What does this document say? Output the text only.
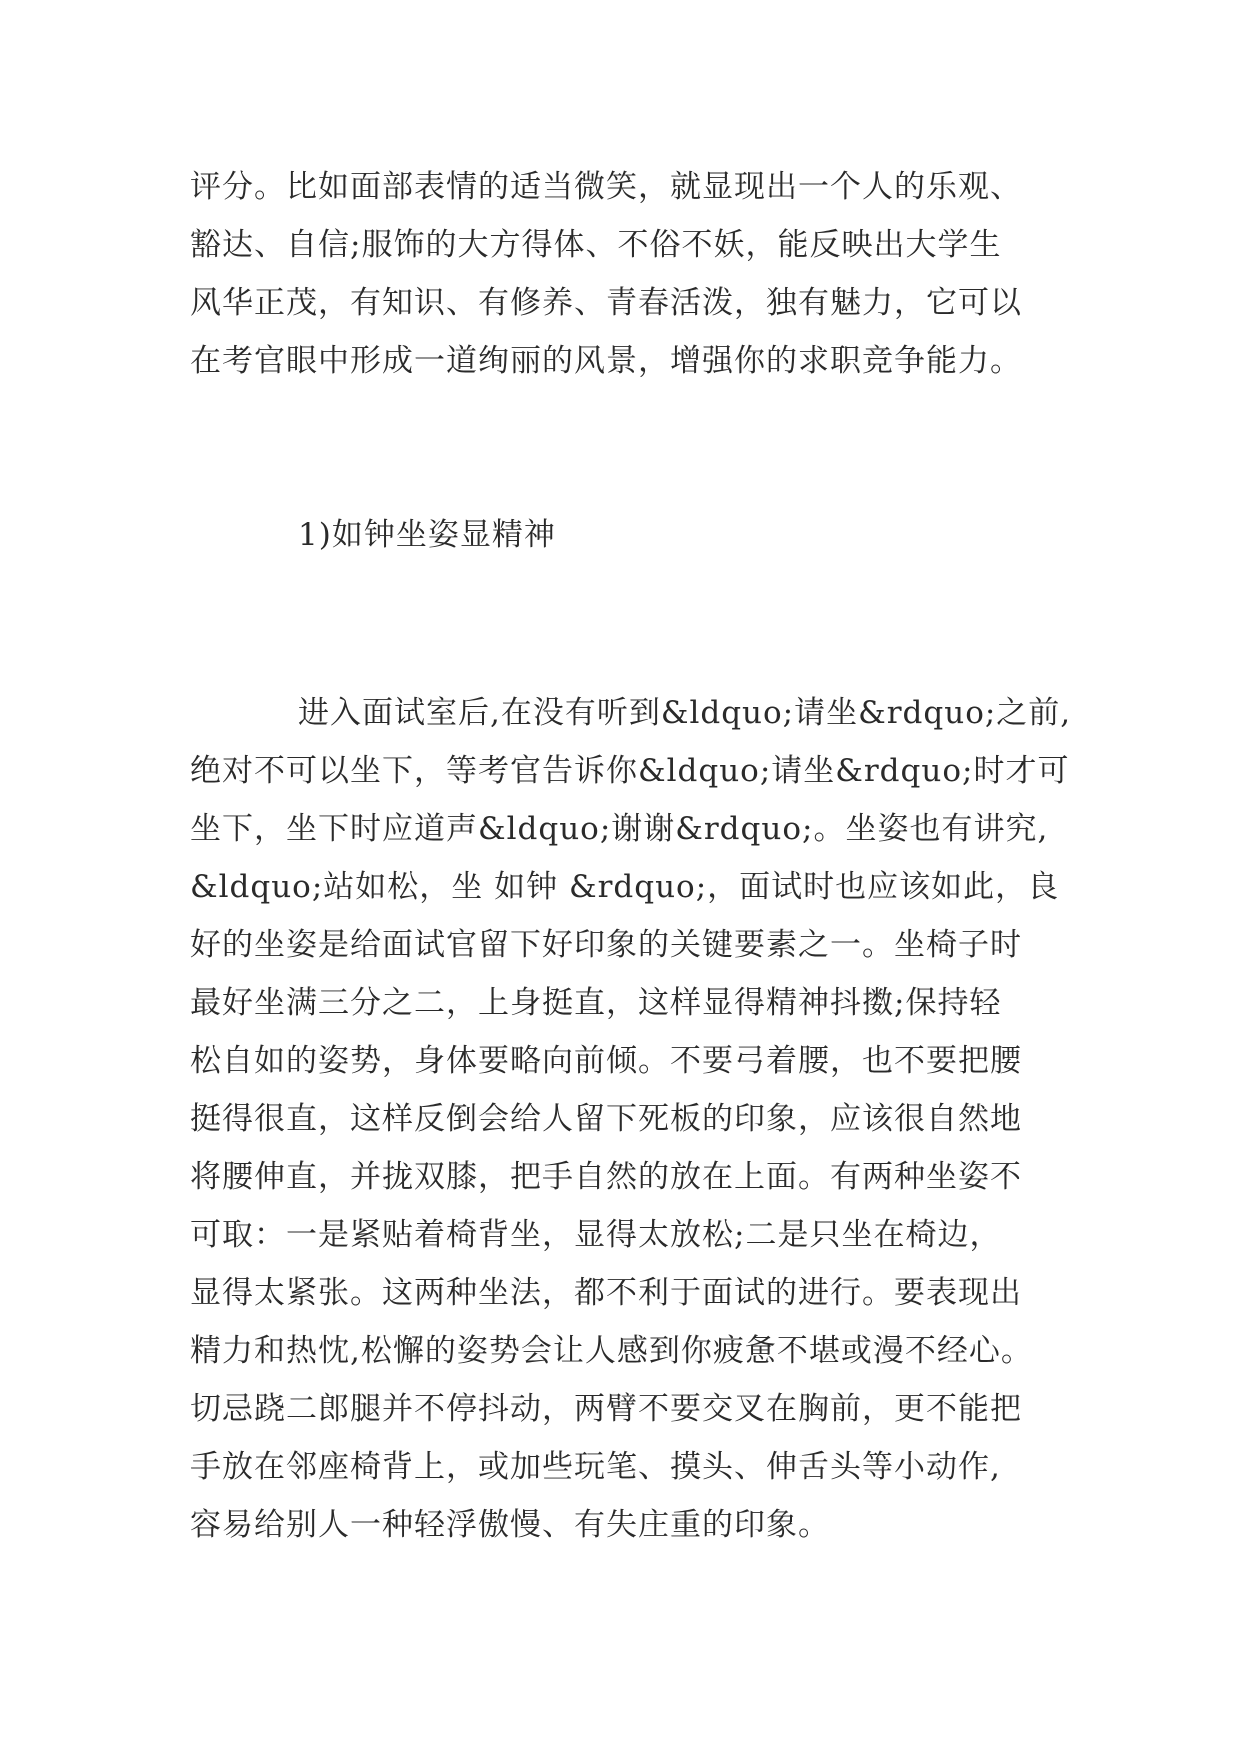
评分。比如面部表情的适当微笑，就显现出一个人的乐观、
豁达、自信;服饰的大方得体、不俗不妖，能反映出大学生
风华正茂，有知识、有修养、青春活泼，独有魅力，它可以
在考官眼中形成一道绚丽的风景，增强你的求职竞争能力。
1)如钟坐姿显精神
进入面试室后,在没有听到&ldquo;请坐&rdquo;之前,
绝对不可以坐下，等考官告诉你&ldquo;请坐&rdquo;时才可
坐下，坐下时应道声&ldquo;谢谢&rdquo;。坐姿也有讲究,
&ldquo;站如松，坐 如钟 &rdquo;，面试时也应该如此，良
好的坐姿是给面试官留下好印象的关键要素之一。坐椅子时
最好坐满三分之二，上身挺直，这样显得精神抖擞;保持轻
松自如的姿势，身体要略向前倾。不要弓着腰，也不要把腰
挺得很直，这样反倒会给人留下死板的印象，应该很自然地
将腰伸直，并拢双膝，把手自然的放在上面。有两种坐姿不
可取：一是紧贴着椅背坐，显得太放松;二是只坐在椅边，
显得太紧张。这两种坐法，都不利于面试的进行。要表现出
精力和热忱,松懈的姿势会让人感到你疲惫不堪或漫不经心。
切忌跷二郎腿并不停抖动，两臂不要交叉在胸前，更不能把
手放在邻座椅背上，或加些玩笔、摸头、伸舌头等小动作,
容易给别人一种轻浮傲慢、有失庄重的印象。
